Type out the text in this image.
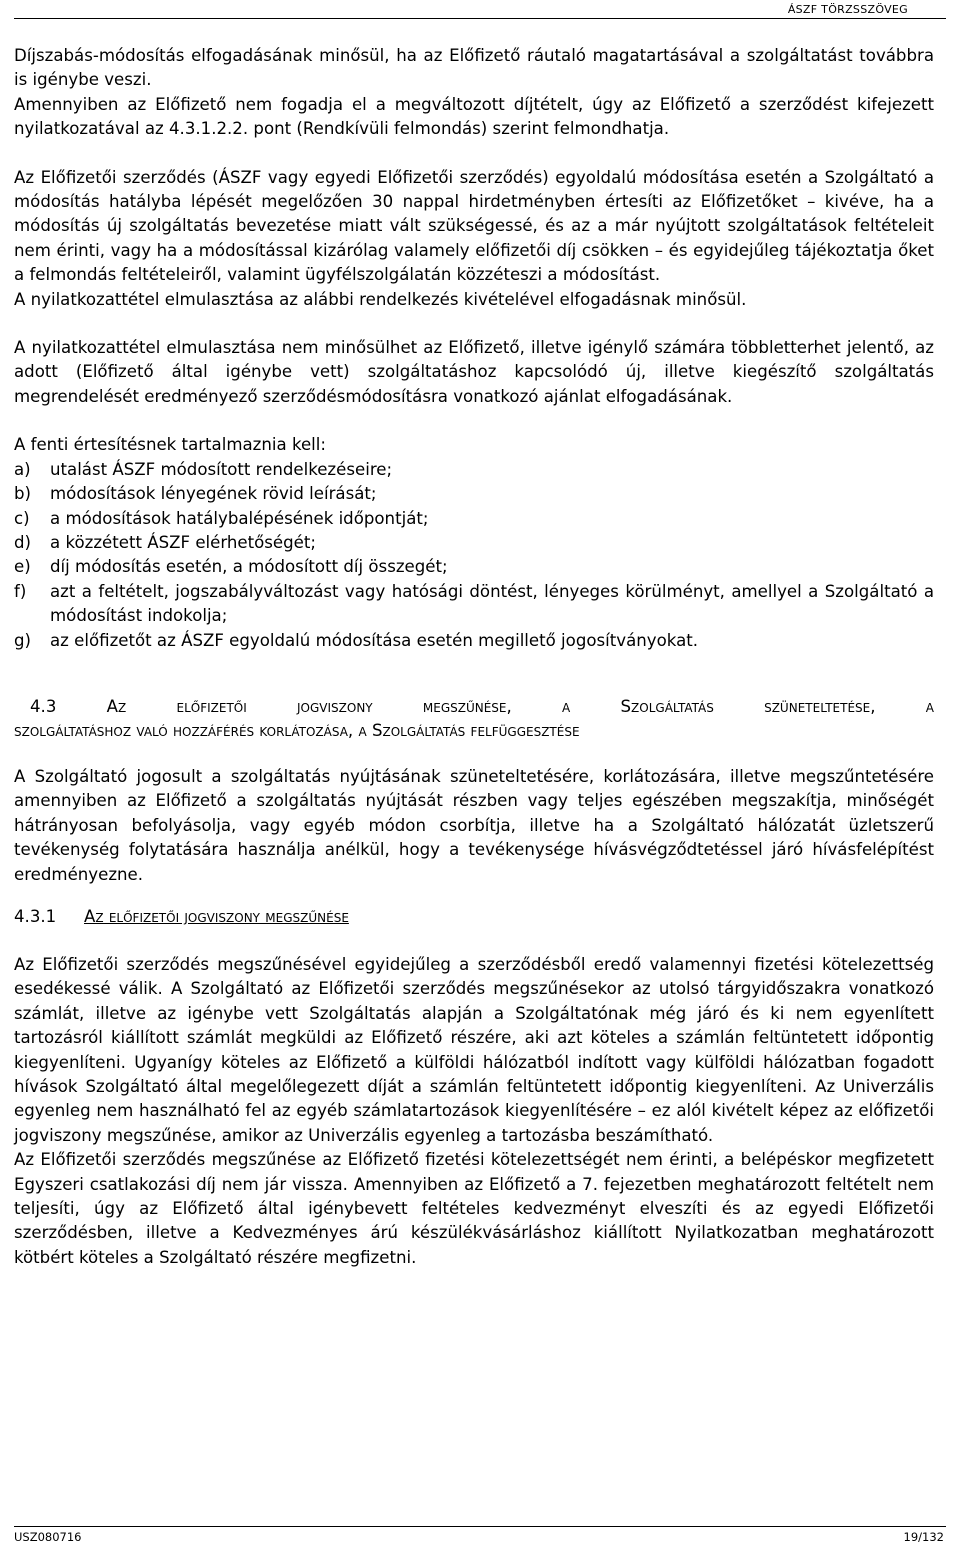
ÁSZF TÖRZSSZÖVEG

Díjszabás-módosítás elfogadásának minősül, ha az Előfizető ráutaló magatartásával a szolgáltatást továbbra is igénybe veszi.

Amennyiben az Előfizető nem fogadja el a megváltozott díjtételt, úgy az Előfizető a szerződést kifejezett nyilatkozatával az 4.3.1.2.2. pont (Rendkívüli felmondás) szerint felmondhatja.

Az Előfizetői szerződés (ÁSZF vagy egyedi Előfizetői szerződés) egyoldalú módosítása esetén a Szolgáltató a módosítás hatályba lépését megelőzően 30 nappal hirdetményben értesíti az Előfizetőket – kivéve, ha a módosítás új szolgáltatás bevezetése miatt vált szükségessé, és az a már nyújtott szolgáltatások feltételeit nem érinti, vagy ha a módosítással kizárólag valamely előfizetői díj csökken – és egyidejűleg tájékoztatja őket a felmondás feltételeiről, valamint ügyfélszolgálatán közzéteszi a módosítást.

A nyilatkozattétel elmulasztása az alábbi rendelkezés kivételével elfogadásnak minősül.

A nyilatkozattétel elmulasztása nem minősülhet az Előfizető, illetve igénylő számára többletterhet jelentő, az adott (Előfizető által igénybe vett) szolgáltatáshoz kapcsolódó új, illetve kiegészítő szolgáltatás megrendelését eredményező szerződésmódosításra vonatkozó ajánlat elfogadásának.

A fenti értesítésnek tartalmaznia kell:

a) utalást ÁSZF módosított rendelkezéseire;
b) módosítások lényegének rövid leírását;
c) a módosítások hatálybalépésének időpontját;
d) a közzétett ÁSZF elérhetőségét;
e) díj módosítás esetén, a módosított díj összegét;
f) azt a feltételt, jogszabályváltozást vagy hatósági döntést, lényeges körülményt, amellyel a Szolgáltató a módosítást indokolja;
g) az előfizetőt az ÁSZF egyoldalú módosítása esetén megillető jogosítványokat.
4.3	Az előfizetői jogviszony megszűnése, a Szolgáltatás szüneteltetése, a
szolgáltatáshoz való hozzáférés korlátozása, a Szolgáltatás felfüggesztése

A Szolgáltató jogosult a szolgáltatás nyújtásának szüneteltetésére, korlátozására, illetve megszűntetésére amennyiben az Előfizető a szolgáltatás nyújtását részben vagy teljes egészében megszakítja, minőségét hátrányosan befolyásolja, vagy egyéb módon csorbítja, illetve ha a Szolgáltató hálózatát üzletszerű tevékenység folytatására használja anélkül, hogy a tevékenysége hívásvégződtetéssel járó hívásfelépítést eredményezne.

4.3.1 Az előfizetői jogviszony megszűnése

Az Előfizetői szerződés megszűnésével egyidejűleg a szerződésből eredő valamennyi fizetési kötelezettség esedékessé válik. A Szolgáltató az Előfizetői szerződés megszűnésekor az utolsó tárgyidőszakra vonatkozó számlát, illetve az igénybe vett Szolgáltatás alapján a Szolgáltatónak még járó és ki nem egyenlített tartozásról kiállított számlát megküldi az Előfizető részére, aki azt köteles a számlán feltüntetett időpontig kiegyenlíteni. Ugyanígy köteles az Előfizető a külföldi hálózatból indított vagy külföldi hálózatban fogadott hívások Szolgáltató által megelőlegezett díját a számlán feltüntetett időpontig kiegyenlíteni. Az Univerzális egyenleg nem használható fel az egyéb számlatartozások kiegyenlítésére – ez alól kivételt képez az előfizetői jogviszony megszűnése, amikor az Univerzális egyenleg a tartozásba beszámítható.

Az Előfizetői szerződés megszűnése az Előfizető fizetési kötelezettségét nem érinti, a belépéskor megfizetett Egyszeri csatlakozási díj nem jár vissza. Amennyiben az Előfizető a 7. fejezetben meghatározott feltételt nem teljesíti, úgy az Előfizető által igénybevett feltételes kedvezményt elveszíti és az egyedi Előfizetői szerződésben, illetve a Kedvezményes árú készülékvásárláshoz kiállított Nyilatkozatban meghatározott kötbért köteles a Szolgáltató részére megfizetni.

USZ080716	19/132
